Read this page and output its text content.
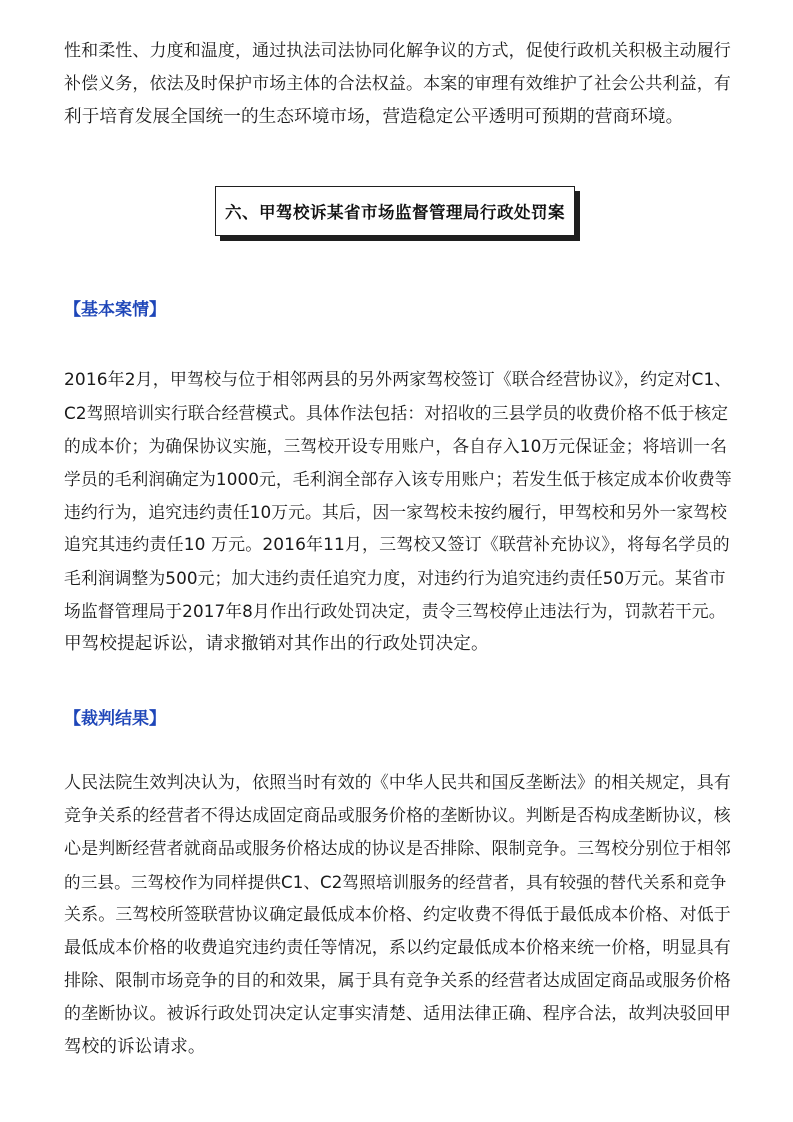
性和柔性、力度和温度，通过执法司法协同化解争议的方式，促使行政机关积极主动履行
补偿义务，依法及时保护市场主体的合法权益。本案的审理有效维护了社会公共利益，有
利于培育发展全国统一的生态环境市场，营造稳定公平透明可预期的营商环境。
六、甲驾校诉某省市场监督管理局行政处罚案
【基本案情】
2016年2月，甲驾校与位于相邻两县的另外两家驾校签订《联合经营协议》，约定对C1、
C2驾照培训实行联合经营模式。具体作法包括：对招收的三县学员的收费价格不低于核定
的成本价；为确保协议实施，三驾校开设专用账户，各自存入10万元保证金；将培训一名
学员的毛利润确定为1000元，毛利润全部存入该专用账户；若发生低于核定成本价收费等
违约行为，追究违约责任10万元。其后，因一家驾校未按约履行，甲驾校和另外一家驾校
追究其违约责任10 万元。2016年11月，三驾校又签订《联营补充协议》，将每名学员的
毛利润调整为500元；加大违约责任追究力度，对违约行为追究违约责任50万元。某省市
场监督管理局于2017年8月作出行政处罚决定，责令三驾校停止违法行为，罚款若干元。
甲驾校提起诉讼，请求撤销对其作出的行政处罚决定。
【裁判结果】
人民法院生效判决认为，依照当时有效的《中华人民共和国反垄断法》的相关规定，具有
竞争关系的经营者不得达成固定商品或服务价格的垄断协议。判断是否构成垄断协议，核
心是判断经营者就商品或服务价格达成的协议是否排除、限制竞争。三驾校分别位于相邻
的三县。三驾校作为同样提供C1、C2驾照培训服务的经营者，具有较强的替代关系和竞争
关系。三驾校所签联营协议确定最低成本价格、约定收费不得低于最低成本价格、对低于
最低成本价格的收费追究违约责任等情况，系以约定最低成本价格来统一价格，明显具有
排除、限制市场竞争的目的和效果，属于具有竞争关系的经营者达成固定商品或服务价格
的垄断协议。被诉行政处罚决定认定事实清楚、适用法律正确、程序合法，故判决驳回甲
驾校的诉讼请求。
